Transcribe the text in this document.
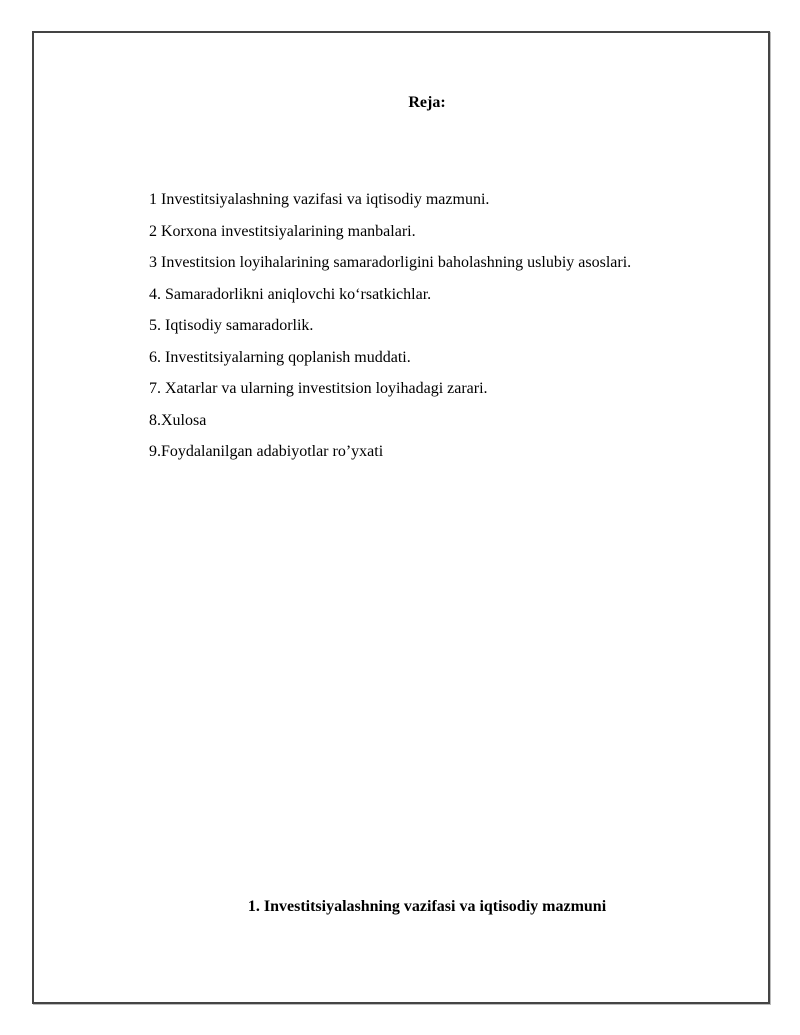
Reja:
1 Investitsiyalashning vazifasi va iqtisodiy mazmuni.
2 Korxona investitsiyalarining manbalari.
3 Investitsion loyihalarining samaradorligini baholashning uslubiy asoslari.
4. Samaradorlikni aniqlovchi ko‘rsatkichlar.
5. Iqtisodiy samaradorlik.
6. Investitsiyalarning qoplanish muddati.
7. Xatarlar va ularning investitsion loyihadagi zarari.
8.Xulosa
9.Foydalanilgan adabiyotlar ro’yxati
1. Investitsiyalashning vazifasi va iqtisodiy mazmuni
